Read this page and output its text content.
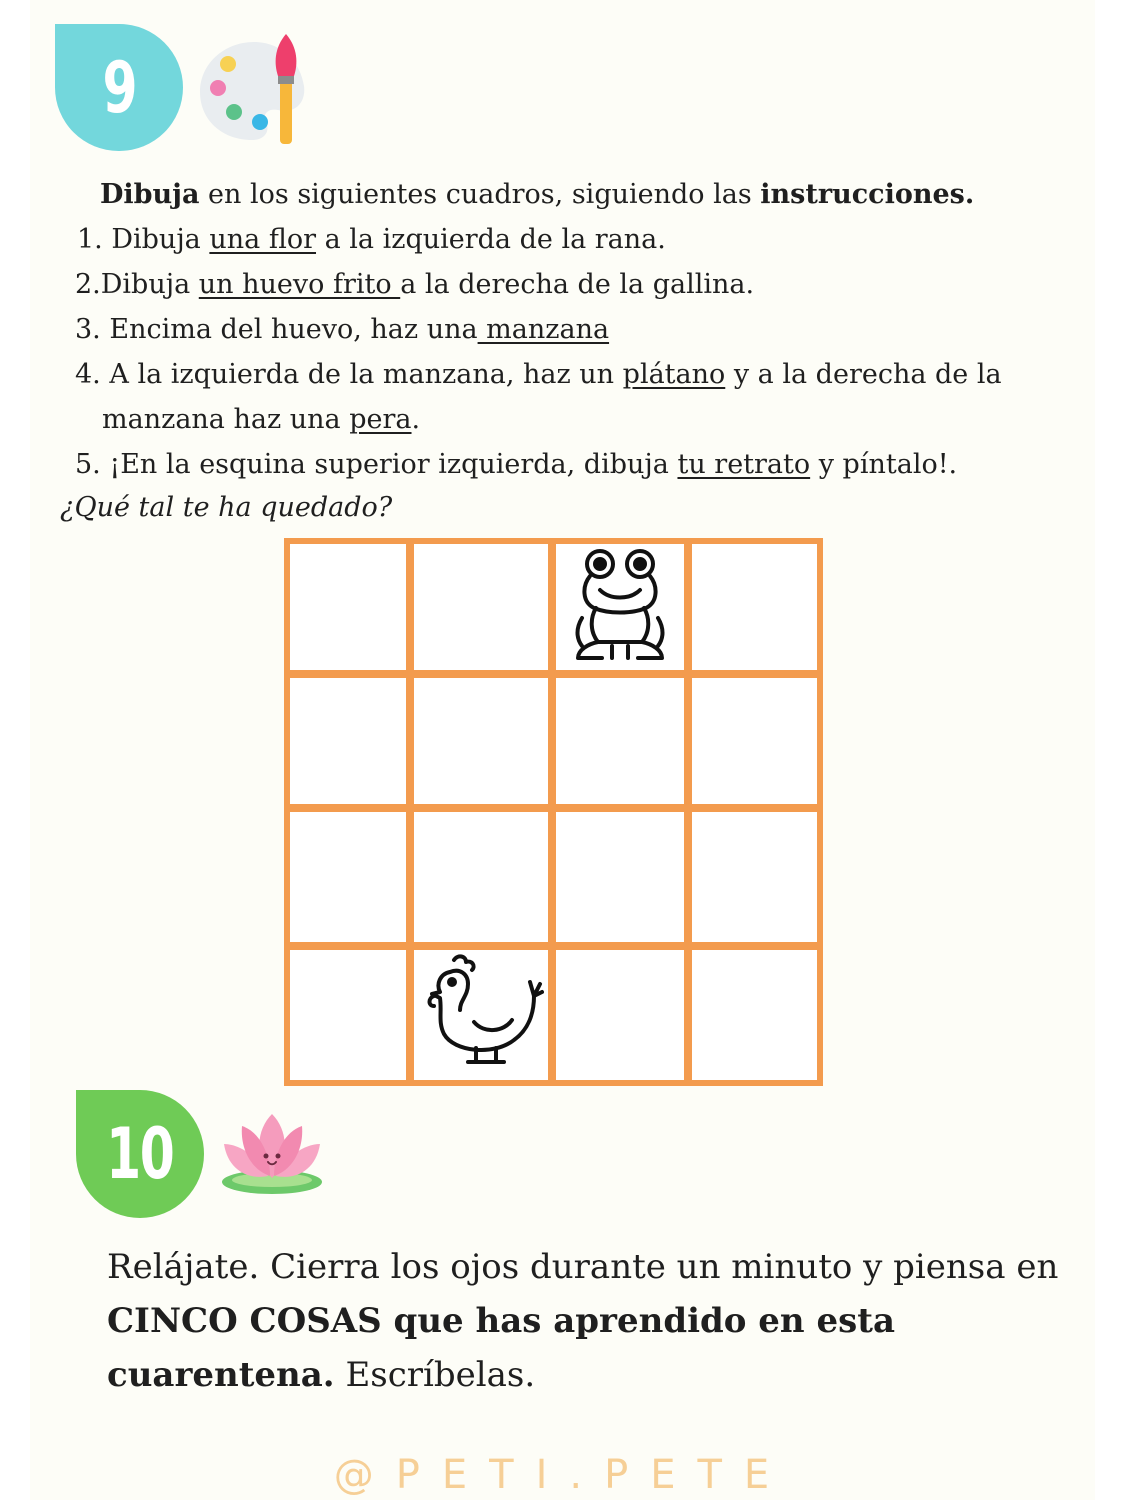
9
Dibuja en los siguientes cuadros, siguiendo las instrucciones.
1. Dibuja una flor a la izquierda de la rana.
2.Dibuja un huevo frito a la derecha de la gallina.
3. Encima del huevo, haz una manzana
4. A la izquierda de la manzana, haz un plátano y a la derecha de la
manzana haz una pera.
5. ¡En la esquina superior izquierda, dibuja tu retrato y píntalo!.
¿Qué tal te ha quedado?
10
Relájate. Cierra los ojos durante un minuto y piensa en
CINCO COSAS que has aprendido en esta
cuarentena. Escríbelas.
@PETI.PETE
